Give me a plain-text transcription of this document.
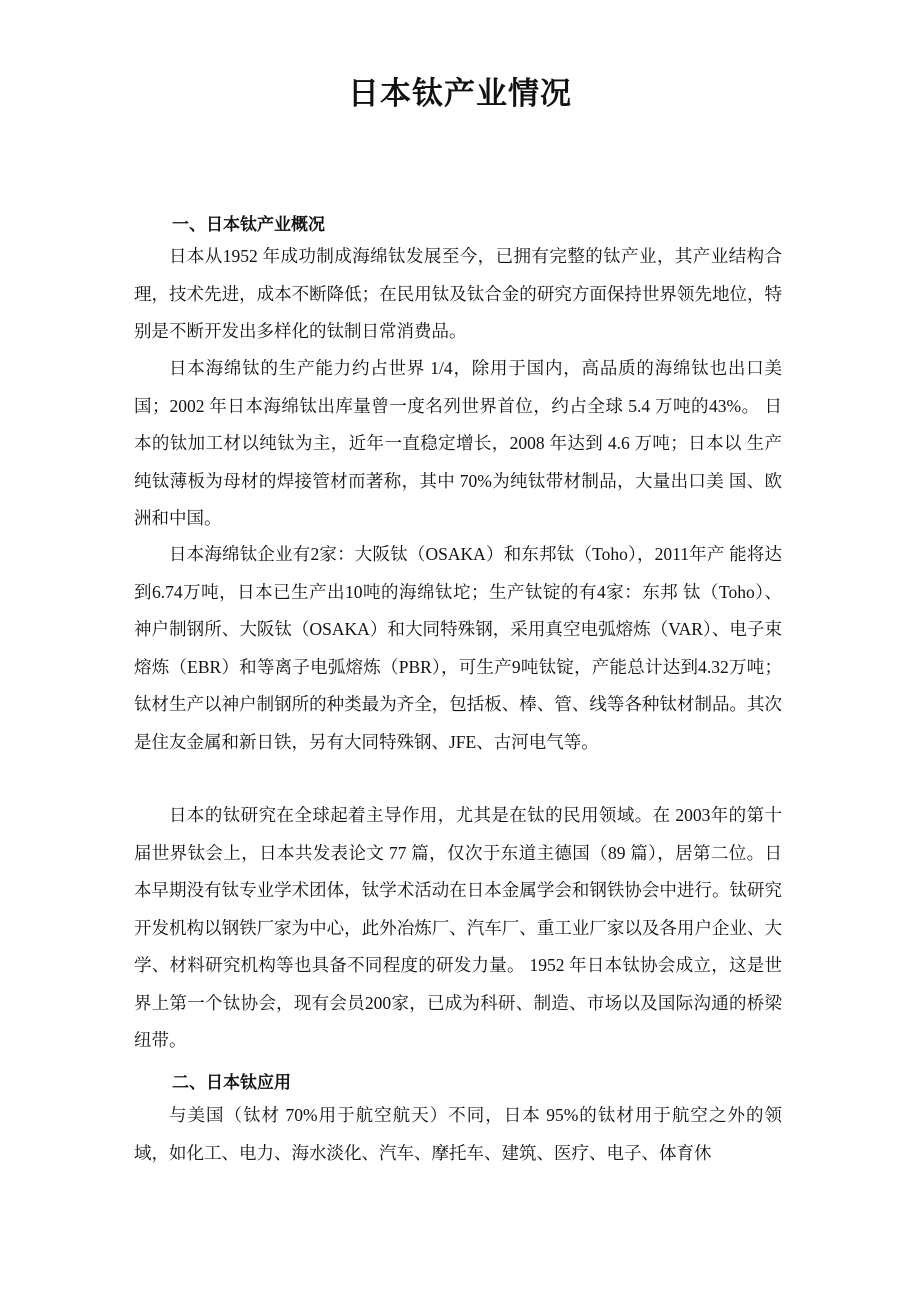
日本钛产业情况
一、日本钛产业概况

日本从1952 年成功制成海绵钛发展至今，已拥有完整的钛产业，其产业结构合理，技术先进，成本不断降低；在民用钛及钛合金的研究方面保持世界领先地位，特别是不断开发出多样化的钛制日常消费品。

日本海绵钛的生产能力约占世界 1/4，除用于国内，高品质的海绵钛也出口美国；2002 年日本海绵钛出库量曾一度名列世界首位，约占全球 5.4 万吨的43%。 日本的钛加工材以纯钛为主，近年一直稳定增长，2008 年达到 4.6 万吨；日本以 生产纯钛薄板为母材的焊接管材而著称，其中 70%为纯钛带材制品，大量出口美 国、欧洲和中国。

日本海绵钛企业有2家：大阪钛（OSAKA）和东邦钛（Toho），2011年产 能将达到6.74万吨，日本已生产出10吨的海绵钛坨；生产钛锭的有4家：东邦 钛（Toho）、神户制钢所、大阪钛（OSAKA）和大同特殊钢，采用真空电弧熔炼（VAR）、电子束熔炼（EBR）和等离子电弧熔炼（PBR），可生产9吨钛锭，产能总计达到4.32万吨；钛材生产以神户制钢所的种类最为齐全，包括板、棒、管、线等各种钛材制品。其次是住友金属和新日铁，另有大同特殊钢、JFE、古河电气等。

日本的钛研究在全球起着主导作用，尤其是在钛的民用领域。在 2003年的第十届世界钛会上，日本共发表论文 77 篇，仅次于东道主德国（89 篇），居第二位。日本早期没有钛专业学术团体，钛学术活动在日本金属学会和钢铁协会中进行。钛研究开发机构以钢铁厂家为中心，此外冶炼厂、汽车厂、重工业厂家以及各用户企业、大学、材料研究机构等也具备不同程度的研发力量。 1952 年日本钛协会成立，这是世界上第一个钛协会，现有会员200家，已成为科研、制造、市场以及国际沟通的桥梁纽带。

二、日本钛应用

与美国（钛材 70%用于航空航天）不同，日本 95%的钛材用于航空之外的领域，如化工、电力、海水淡化、汽车、摩托车、建筑、医疗、电子、体育休
